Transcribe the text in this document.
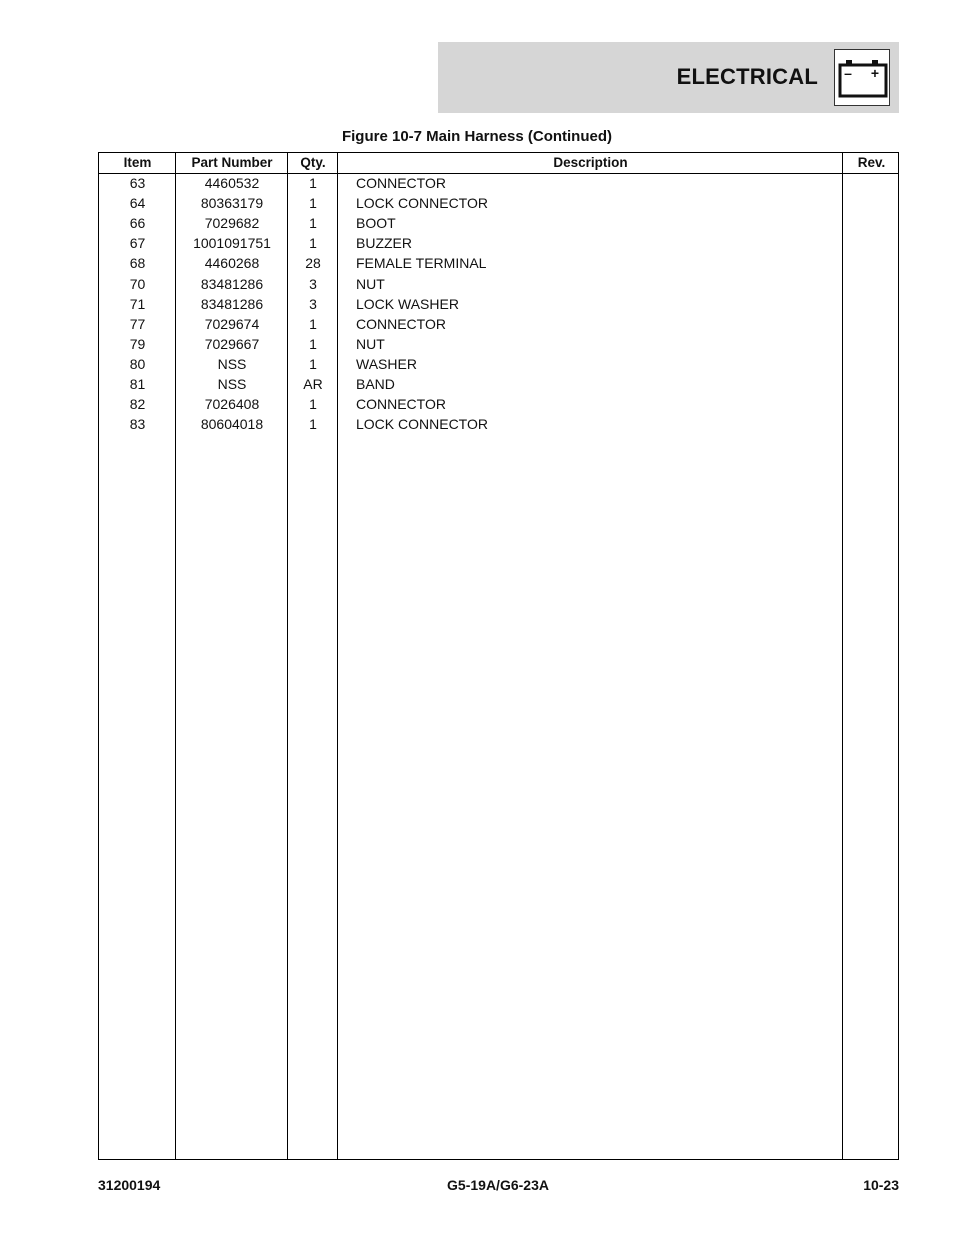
ELECTRICAL – +
Figure 10-7 Main Harness (Continued)
Item	Part Number	Qty.	Description	Rev.
63	4460532	1	CONNECTOR
64	80363179	1	LOCK CONNECTOR
66	7029682	1	BOOT
67	1001091751	1	BUZZER
68	4460268	28	FEMALE TERMINAL
70	83481286	3	NUT
71	83481286	3	LOCK WASHER
77	7029674	1	CONNECTOR
79	7029667	1	NUT
80	NSS	1	WASHER
81	NSS	AR	BAND
82	7026408	1	CONNECTOR
83	80604018	1	LOCK CONNECTOR
31200194	G5-19A/G6-23A	10-23
